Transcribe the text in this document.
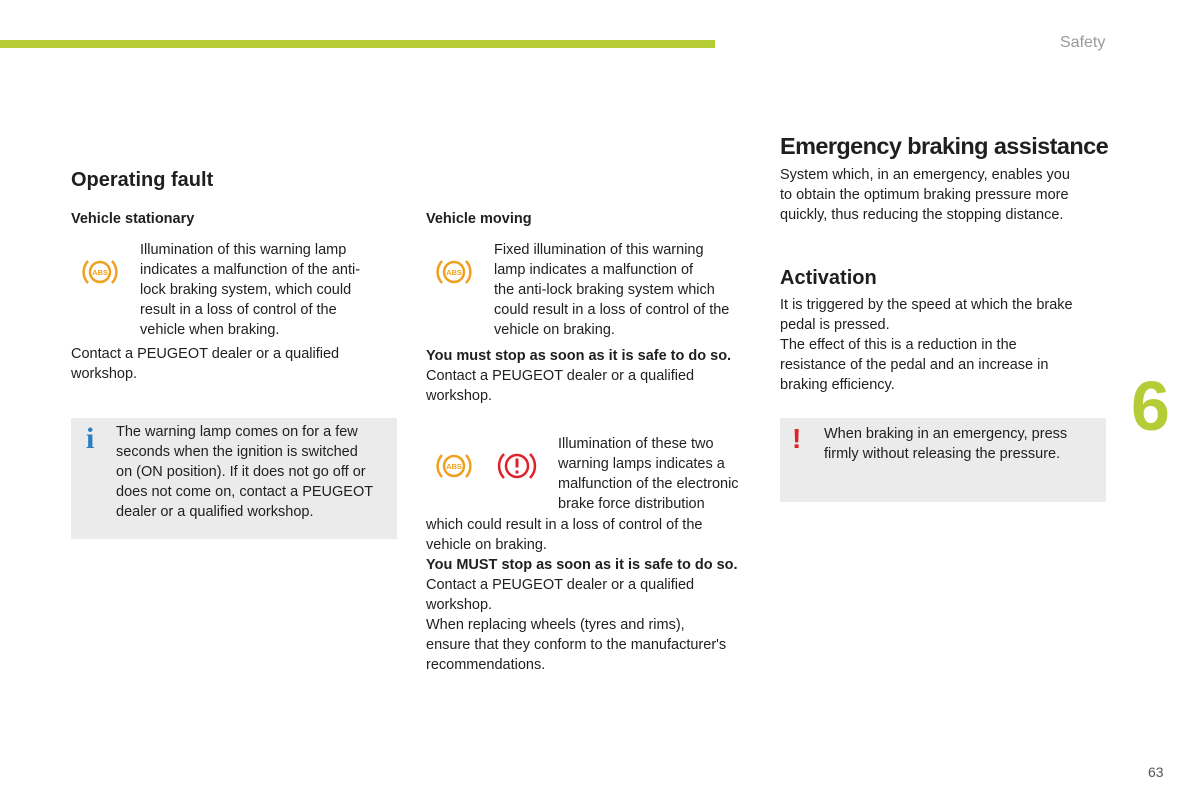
Safety
6
63
Operating fault
Vehicle stationary
ABS
Illumination of this warning lamp
indicates a malfunction of the anti-
lock braking system, which could
result in a loss of control of the
vehicle when braking.
Contact a PEUGEOT dealer or a qualified
workshop.
i The warning lamp comes on for a few
seconds when the ignition is switched
on (ON position). If it does not go off or
does not come on, contact a PEUGEOT
dealer or a qualified workshop.
Vehicle moving
ABS
Fixed illumination of this warning
lamp indicates a malfunction of
the anti-lock braking system which
could result in a loss of control of the
vehicle on braking.
You must stop as soon as it is safe to do so.
Contact a PEUGEOT dealer or a qualified
workshop.
ABS
Illumination of these two
warning lamps indicates a
malfunction of the electronic
brake force distribution
which could result in a loss of control of the
vehicle on braking.
You MUST stop as soon as it is safe to do so.
Contact a PEUGEOT dealer or a qualified
workshop.
When replacing wheels (tyres and rims),
ensure that they conform to the manufacturer's
recommendations.
Emergency braking assistance
System which, in an emergency, enables you
to obtain the optimum braking pressure more
quickly, thus reducing the stopping distance.
Activation
It is triggered by the speed at which the brake
pedal is pressed.
The effect of this is a reduction in the
resistance of the pedal and an increase in
braking efficiency.
! When braking in an emergency, press
firmly without releasing the pressure.
